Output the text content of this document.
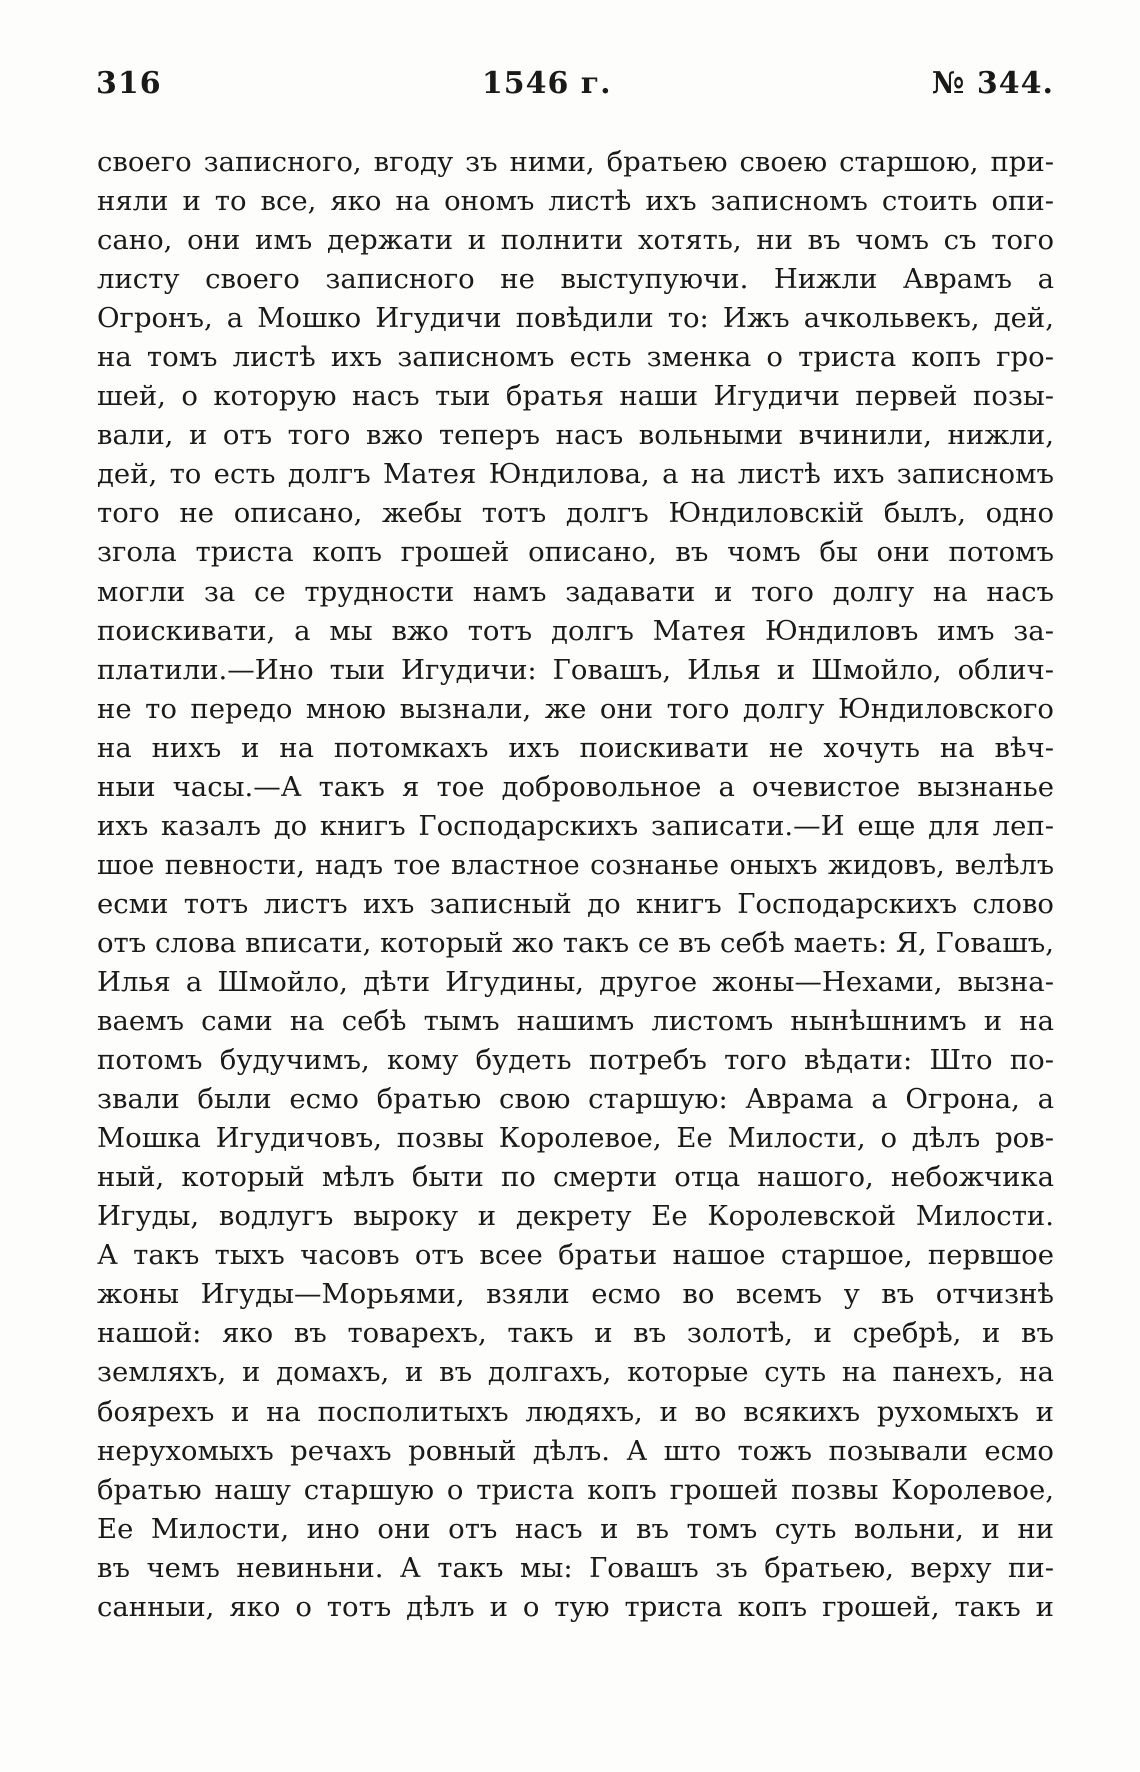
316	1546 г.	№ 344.
своего записного, вгоду зъ ними, братьею своею старшою, при-
няли и то все, яко на ономъ листѣ ихъ записномъ стоить опи-
сано, они имъ держати и полнити хотять, ни въ чомъ съ того
листу своего записного не выступуючи. Нижли Аврамъ а
Огронъ, а Мошко Игудичи повѣдили то: Ижъ ачкольвекъ, дей,
на томъ листѣ ихъ записномъ есть зменка о триста копъ гро-
шей, о которую насъ тыи братья наши Игудичи первей позы-
вали, и отъ того вжо теперъ насъ вольными вчинили, нижли,
дей, то есть долгъ Матея Юндилова, а на листѣ ихъ записномъ
того не описано, жебы тотъ долгъ Юндиловскій былъ, одно
згола триста копъ грошей описано, въ чомъ бы они потомъ
могли за се трудности намъ задавати и того долгу на насъ
поискивати, а мы вжо тотъ долгъ Матея Юндиловъ имъ за-
платили.—Ино тыи Игудичи: Говашъ, Илья и Шмойло, облич-
не то передо мною вызнали, же они того долгу Юндиловского
на нихъ и на потомкахъ ихъ поискивати не хочуть на вѣч-
ныи часы.—А такъ я тое добровольное а очевистое вызнанье
ихъ казалъ до книгъ Господарскихъ записати.—И еще для леп-
шое певности, надъ тое властное сознанье оныхъ жидовъ, велѣлъ
есми тотъ листъ ихъ записный до книгъ Господарскихъ слово
отъ слова вписати, который жо такъ се въ себѣ маеть: Я, Говашъ,
Илья а Шмойло, дѣти Игудины, другое жоны—Нехами, вызна-
ваемъ сами на себѣ тымъ нашимъ листомъ нынѣшнимъ и на
потомъ будучимъ, кому будеть потребъ того вѣдати: Што по-
звали были есмо братью свою старшую: Аврама а Огрона, а
Мошка Игудичовъ, позвы Королевое, Ее Милости, о дѣлъ ров-
ный, который мѣлъ быти по смерти отца нашого, небожчика
Игуды, водлугъ выроку и декрету Ее Королевской Милости.
А такъ тыхъ часовъ отъ всее братьи нашое старшое, первшое
жоны Игуды—Морьями, взяли есмо во всемъ у въ отчизнѣ
нашой: яко въ товарехъ, такъ и въ золотѣ, и сребрѣ, и въ
земляхъ, и домахъ, и въ долгахъ, которые суть на панехъ, на
боярехъ и на посполитыхъ людяхъ, и во всякихъ рухомыхъ и
нерухомыхъ речахъ ровный дѣлъ. А што тожъ позывали есмо
братью нашу старшую о триста копъ грошей позвы Королевое,
Ее Милости, ино они отъ насъ и въ томъ суть вольни, и ни
въ чемъ невиньни. А такъ мы: Говашъ зъ братьею, верху пи-
санныи, яко о тотъ дѣлъ и о тую триста копъ грошей, такъ и
